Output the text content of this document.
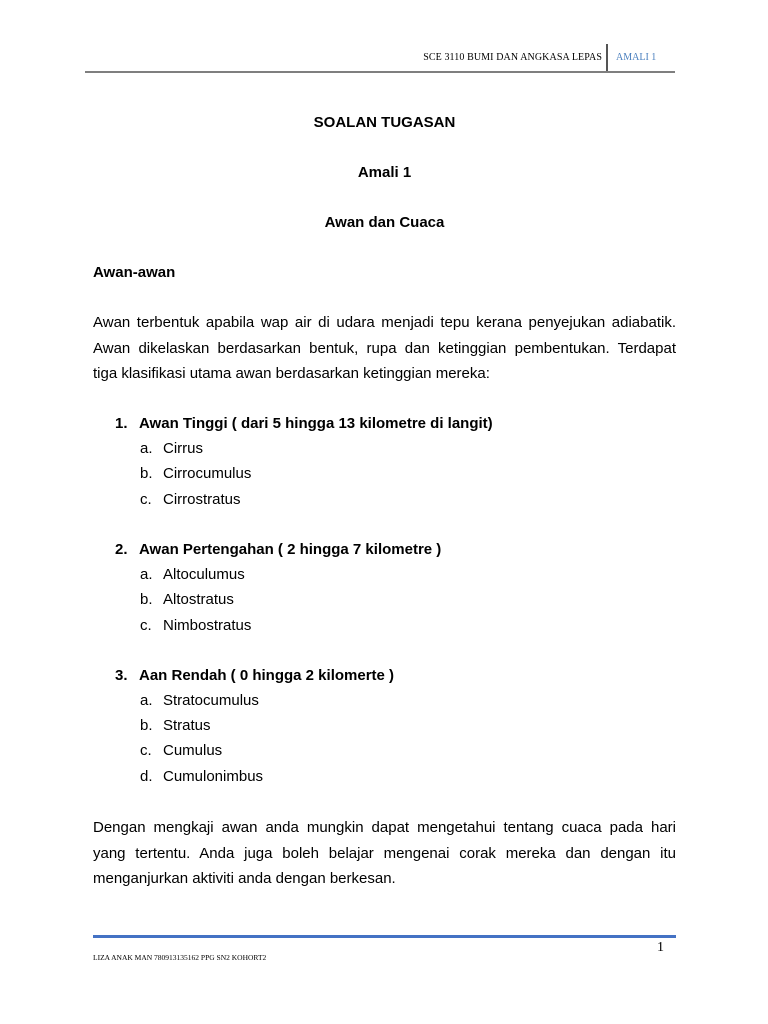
SCE 3110 BUMI DAN ANGKASA LEPAS AMALI 1
SOALAN TUGASAN
Amali 1
Awan dan Cuaca
Awan-awan
Awan terbentuk apabila wap air di udara menjadi tepu kerana penyejukan adiabatik.
Awan dikelaskan berdasarkan bentuk, rupa dan ketinggian pembentukan. Terdapat
tiga klasifikasi utama awan berdasarkan ketinggian mereka:
1. Awan Tinggi ( dari 5 hingga 13 kilometre di langit)
a. Cirrus
b. Cirrocumulus
c. Cirrostratus
2. Awan Pertengahan ( 2 hingga 7 kilometre )
a. Altoculumus
b. Altostratus
c. Nimbostratus
3. Aan Rendah ( 0 hingga 2 kilomerte )
a. Stratocumulus
b. Stratus
c. Cumulus
d. Cumulonimbus
Dengan mengkaji awan anda mungkin dapat mengetahui tentang cuaca pada hari
yang tertentu. Anda juga boleh belajar mengenai corak mereka dan dengan itu
menganjurkan aktiviti anda dengan berkesan.
1
LIZA ANAK MAN 780913135162 PPG SN2 KOHORT2
